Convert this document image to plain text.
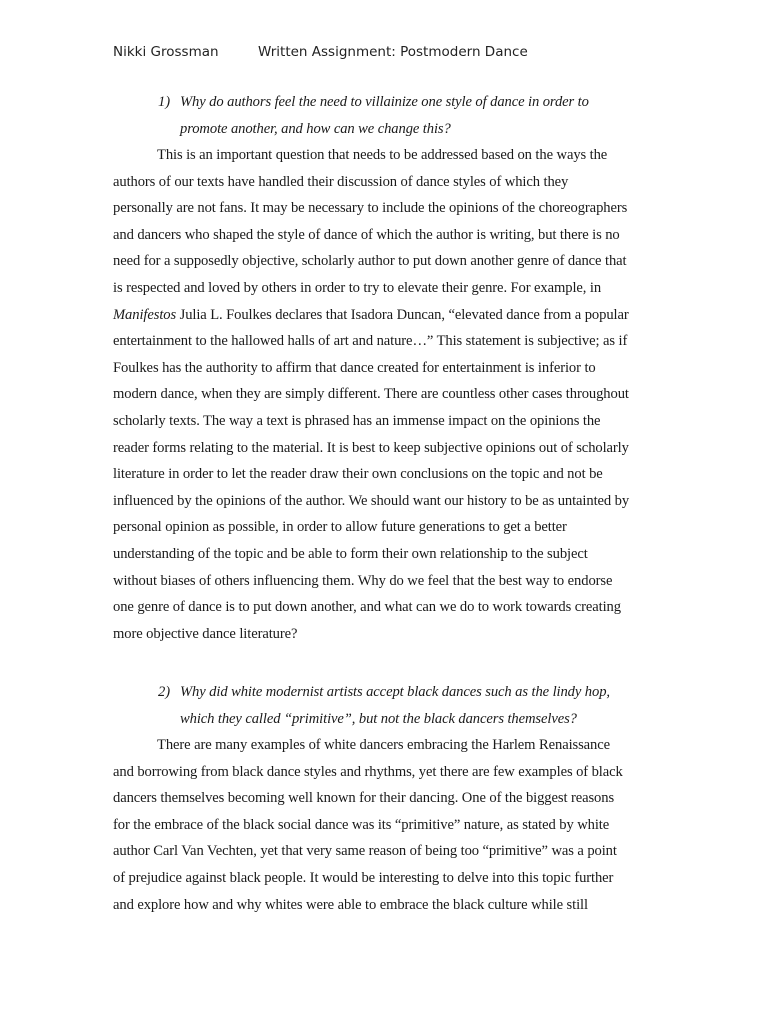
Nikki Grossman	Written Assignment: Postmodern Dance
1) Why do authors feel the need to villainize one style of dance in order to
promote another, and how can we change this?
This is an important question that needs to be addressed based on the ways the
authors of our texts have handled their discussion of dance styles of which they
personally are not fans. It may be necessary to include the opinions of the choreographers
and dancers who shaped the style of dance of which the author is writing, but there is no
need for a supposedly objective, scholarly author to put down another genre of dance that
is respected and loved by others in order to try to elevate their genre. For example, in
Manifestos Julia L. Foulkes declares that Isadora Duncan, “elevated dance from a popular
entertainment to the hallowed halls of art and nature…” This statement is subjective; as if
Foulkes has the authority to affirm that dance created for entertainment is inferior to
modern dance, when they are simply different. There are countless other cases throughout
scholarly texts. The way a text is phrased has an immense impact on the opinions the
reader forms relating to the material. It is best to keep subjective opinions out of scholarly
literature in order to let the reader draw their own conclusions on the topic and not be
influenced by the opinions of the author. We should want our history to be as untainted by
personal opinion as possible, in order to allow future generations to get a better
understanding of the topic and be able to form their own relationship to the subject
without biases of others influencing them. Why do we feel that the best way to endorse
one genre of dance is to put down another, and what can we do to work towards creating
more objective dance literature?
2) Why did white modernist artists accept black dances such as the lindy hop,
which they called “primitive”, but not the black dancers themselves?
There are many examples of white dancers embracing the Harlem Renaissance
and borrowing from black dance styles and rhythms, yet there are few examples of black
dancers themselves becoming well known for their dancing. One of the biggest reasons
for the embrace of the black social dance was its “primitive” nature, as stated by white
author Carl Van Vechten, yet that very same reason of being too “primitive” was a point
of prejudice against black people. It would be interesting to delve into this topic further
and explore how and why whites were able to embrace the black culture while still
